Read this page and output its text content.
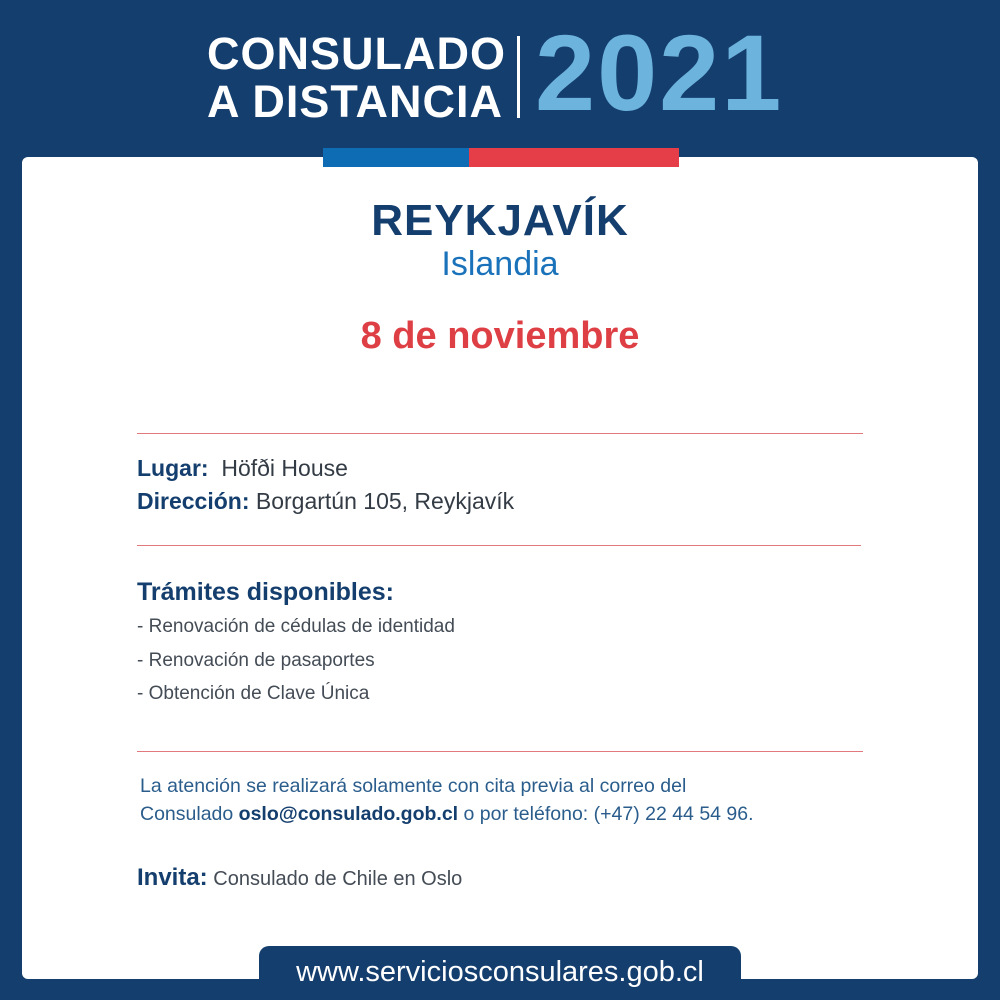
CONSULADO
A DISTANCIA 2021
REYKJAVÍK
Islandia
8 de noviembre
Lugar: Höfði House
Dirección: Borgartún 105, Reykjavík
Trámites disponibles:
- Renovación de cédulas de identidad
- Renovación de pasaportes
- Obtención de Clave Única
La atención se realizará solamente con cita previa al correo del
Consulado oslo@consulado.gob.cl o por teléfono: (+47) 22 44 54 96.
Invita: Consulado de Chile en Oslo
www.serviciosconsulares.gob.cl
